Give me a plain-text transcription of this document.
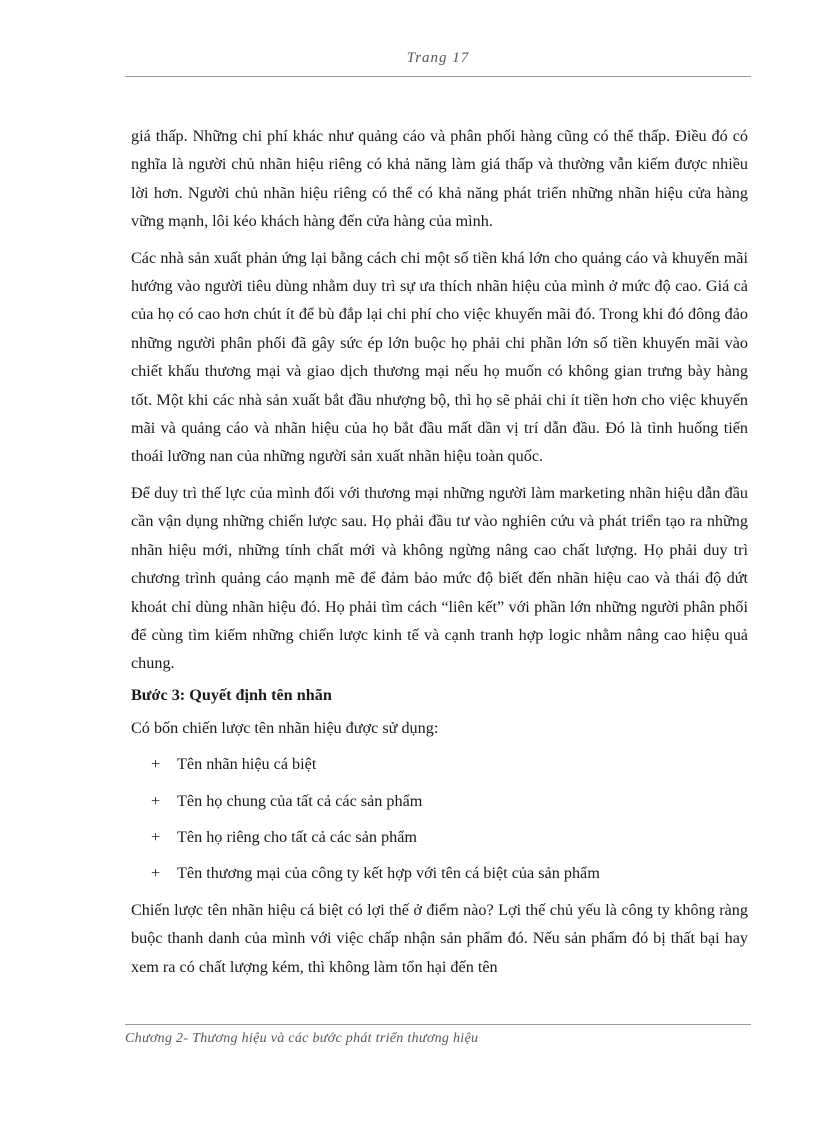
Trang 17

giá thấp. Những chi phí khác như quảng cáo và phân phối hàng cũng có thể thấp. Điều đó có nghĩa là người chủ nhãn hiệu riêng có khả năng làm giá thấp và thường vẫn kiếm được nhiều lời hơn. Người chủ nhãn hiệu riêng có thể có khả năng phát triển những nhãn hiệu cửa hàng vững mạnh, lôi kéo khách hàng đến cửa hàng của mình.

Các nhà sản xuất phản ứng lại bằng cách chi một số tiền khá lớn cho quảng cáo và khuyến mãi hướng vào người tiêu dùng nhằm duy trì sự ưa thích nhãn hiệu của mình ở mức độ cao. Giá cả của họ có cao hơn chút ít để bù đắp lại chi phí cho việc khuyến mãi đó. Trong khi đó đông đảo những người phân phối đã gây sức ép lớn buộc họ phải chi phần lớn số tiền khuyến mãi vào chiết khấu thương mại và giao dịch thương mại nếu họ muốn có không gian trưng bày hàng tốt. Một khi các nhà sản xuất bắt đầu nhượng bộ, thì họ sẽ phải chi ít tiền hơn cho việc khuyến mãi và quảng cáo và nhãn hiệu của họ bắt đầu mất dần vị trí dẫn đầu. Đó là tình huống tiến thoái lưỡng nan của những người sản xuất nhãn hiệu toàn quốc.

Để duy trì thế lực của mình đối với thương mại những người làm marketing nhãn hiệu dẫn đầu cần vận dụng những chiến lược sau. Họ phải đầu tư vào nghiên cứu và phát triển tạo ra những nhãn hiệu mới, những tính chất mới và không ngừng nâng cao chất lượng. Họ phải duy trì chương trình quảng cáo mạnh mẽ để đảm bảo mức độ biết đến nhãn hiệu cao và thái độ dứt khoát chỉ dùng nhãn hiệu đó. Họ phải tìm cách “liên kết” với phần lớn những người phân phối để cùng tìm kiếm những chiến lược kinh tế và cạnh tranh hợp logic nhằm nâng cao hiệu quả chung.

Bước 3: Quyết định tên nhãn

Có bốn chiến lược tên nhãn hiệu được sử dụng:

+ Tên nhãn hiệu cá biệt
+ Tên họ chung của tất cả các sản phẩm
+ Tên họ riêng cho tất cả các sản phẩm
+ Tên thương mại của công ty kết hợp với tên cá biệt của sản phẩm

Chiến lược tên nhãn hiệu cá biệt có lợi thế ở điểm nào? Lợi thế chủ yếu là công ty không ràng buộc thanh danh của mình với việc chấp nhận sản phẩm đó. Nếu sản phẩm đó bị thất bại hay xem ra có chất lượng kém, thì không làm tổn hại đến tên

Chương 2- Thương hiệu và các bước phát triển thương hiệu
